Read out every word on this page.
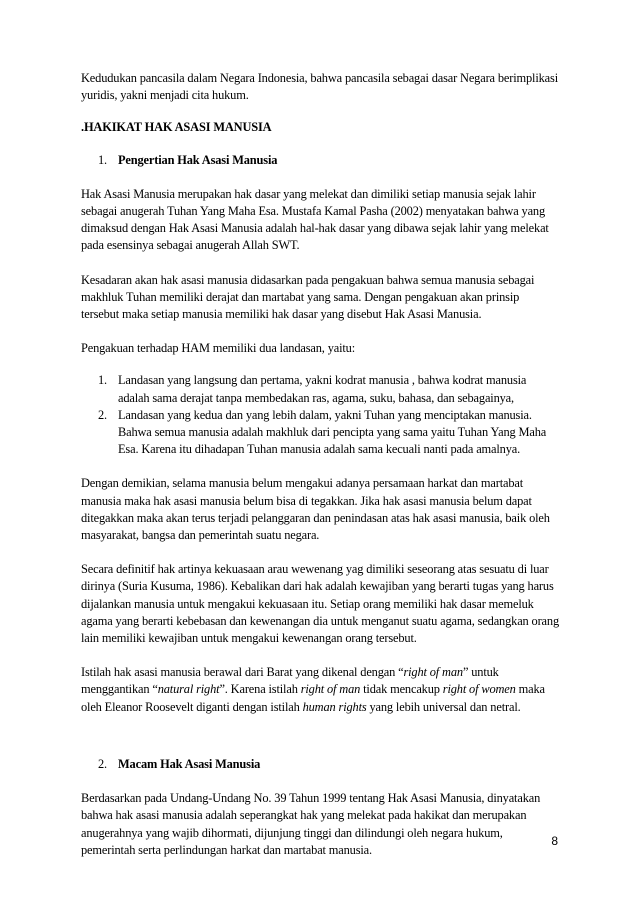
Kedudukan pancasila dalam Negara Indonesia, bahwa pancasila sebagai dasar Negara berimplikasi yuridis, yakni menjadi cita hukum.

.HAKIKAT HAK ASASI MANUSIA

1. Pengertian Hak Asasi Manusia

Hak Asasi Manusia merupakan hak dasar yang melekat dan dimiliki setiap manusia sejak lahir sebagai anugerah Tuhan Yang Maha Esa. Mustafa Kamal Pasha (2002) menyatakan bahwa yang dimaksud dengan Hak Asasi Manusia adalah hal-hak dasar yang dibawa sejak lahir yang melekat pada esensinya sebagai anugerah Allah SWT.

Kesadaran akan hak asasi manusia didasarkan pada pengakuan bahwa semua manusia sebagai makhluk Tuhan memiliki derajat dan martabat yang sama. Dengan pengakuan akan prinsip tersebut maka setiap manusia memiliki hak dasar yang disebut Hak Asasi Manusia.

Pengakuan terhadap HAM memiliki dua landasan, yaitu:

1. Landasan yang langsung dan pertama, yakni kodrat manusia , bahwa kodrat manusia adalah sama derajat tanpa membedakan ras, agama, suku, bahasa, dan sebagainya,
2. Landasan yang kedua dan yang lebih dalam, yakni Tuhan yang menciptakan manusia. Bahwa semua manusia adalah makhluk dari pencipta yang sama yaitu Tuhan Yang Maha Esa. Karena itu dihadapan Tuhan manusia adalah sama kecuali nanti pada amalnya.

Dengan demikian, selama manusia belum mengakui adanya persamaan harkat dan martabat manusia maka hak asasi manusia belum bisa di tegakkan. Jika hak asasi manusia belum dapat ditegakkan maka akan terus terjadi pelanggaran dan penindasan atas hak asasi manusia, baik oleh masyarakat, bangsa dan pemerintah suatu negara.

Secara definitif hak artinya kekuasaan arau wewenang yag dimiliki seseorang atas sesuatu di luar dirinya (Suria Kusuma, 1986). Kebalikan dari hak adalah kewajiban yang berarti tugas yang harus dijalankan manusia untuk mengakui kekuasaan itu. Setiap orang memiliki hak dasar memeluk agama yang berarti kebebasan dan kewenangan dia untuk menganut suatu agama, sedangkan orang lain memiliki kewajiban untuk mengakui kewenangan orang tersebut.

Istilah hak asasi manusia berawal dari Barat yang dikenal dengan “right of man” untuk menggantikan “natural right”. Karena istilah right of man tidak mencakup right of women maka oleh Eleanor Roosevelt diganti dengan istilah human rights yang lebih universal dan netral.

2. Macam Hak Asasi Manusia

Berdasarkan pada Undang-Undang No. 39 Tahun 1999 tentang Hak Asasi Manusia, dinyatakan bahwa hak asasi manusia adalah seperangkat hak yang melekat pada hakikat dan merupakan anugerahnya yang wajib dihormati, dijunjung tinggi dan dilindungi oleh negara hukum, pemerintah serta perlindungan harkat dan martabat manusia.

8
